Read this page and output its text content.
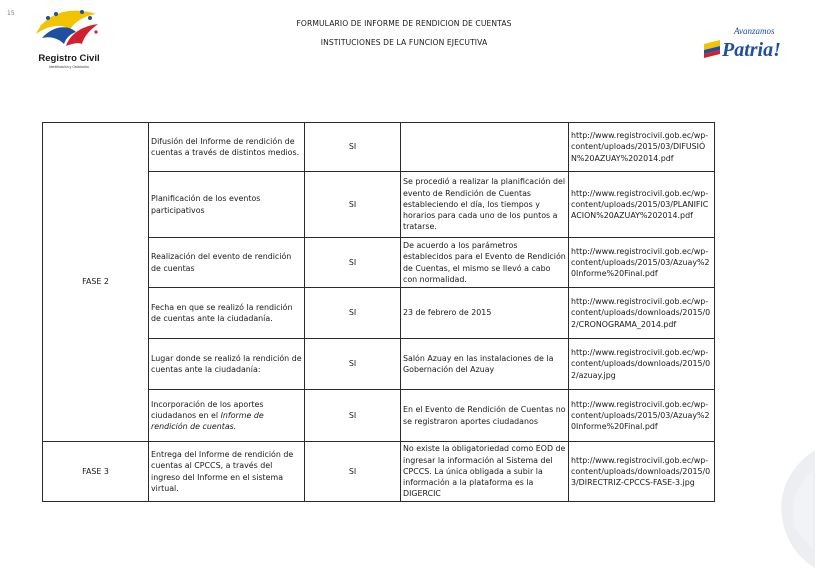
15
Registro Civil
Identificación y Cedulación
FORMULARIO DE INFORME DE RENDICION DE CUENTAS
INSTITUCIONES DE LA FUNCION EJECUTIVA
Avanzamos
Patria!
FASE 2	Difusión del Informe de rendición de cuentas a través de distintos medios.	SI		http://www.registrocivil.gob.ec/wp-content/uploads/2015/03/DIFUSIÓN%20AZUAY%202014.pdf
	Planificación de los eventos participativos	SI	Se procedió a realizar la planificación del evento de Rendición de Cuentas estableciendo el día, los tiempos y horarios para cada uno de los puntos a tratarse.	http://www.registrocivil.gob.ec/wp-content/uploads/2015/03/PLANIFICACION%20AZUAY%202014.pdf
	Realización del evento de rendición de cuentas	SI	De acuerdo a los parámetros establecidos para el Evento de Rendición de Cuentas, el mismo se llevó a cabo con normalidad.	http://www.registrocivil.gob.ec/wp-content/uploads/2015/03/Azuay%20Informe%20Final.pdf
	Fecha en que se realizó la rendición de cuentas ante la ciudadanía.	SI	23 de febrero de 2015	http://www.registrocivil.gob.ec/wp-content/uploads/downloads/2015/02/CRONOGRAMA_2014.pdf
	Lugar donde se realizó la rendición de cuentas ante la ciudadanía:	SI	Salón Azuay en las instalaciones de la Gobernación del Azuay	http://www.registrocivil.gob.ec/wp-content/uploads/downloads/2015/02/azuay.jpg
	Incorporación de los aportes ciudadanos en el Informe de rendición de cuentas.	SI	En el Evento de Rendición de Cuentas no se registraron aportes ciudadanos	http://www.registrocivil.gob.ec/wp-content/uploads/2015/03/Azuay%20Informe%20Final.pdf
FASE 3	Entrega del Informe de rendición de cuentas al CPCCS, a través del ingreso del Informe en el sistema virtual.	SI	No existe la obligatoriedad como EOD de ingresar la información al Sistema del CPCCS. La única obligada a subir la información a la plataforma es la DIGERCIC	http://www.registrocivil.gob.ec/wp-content/uploads/downloads/2015/03/DIRECTRIZ-CPCCS-FASE-3.jpg
